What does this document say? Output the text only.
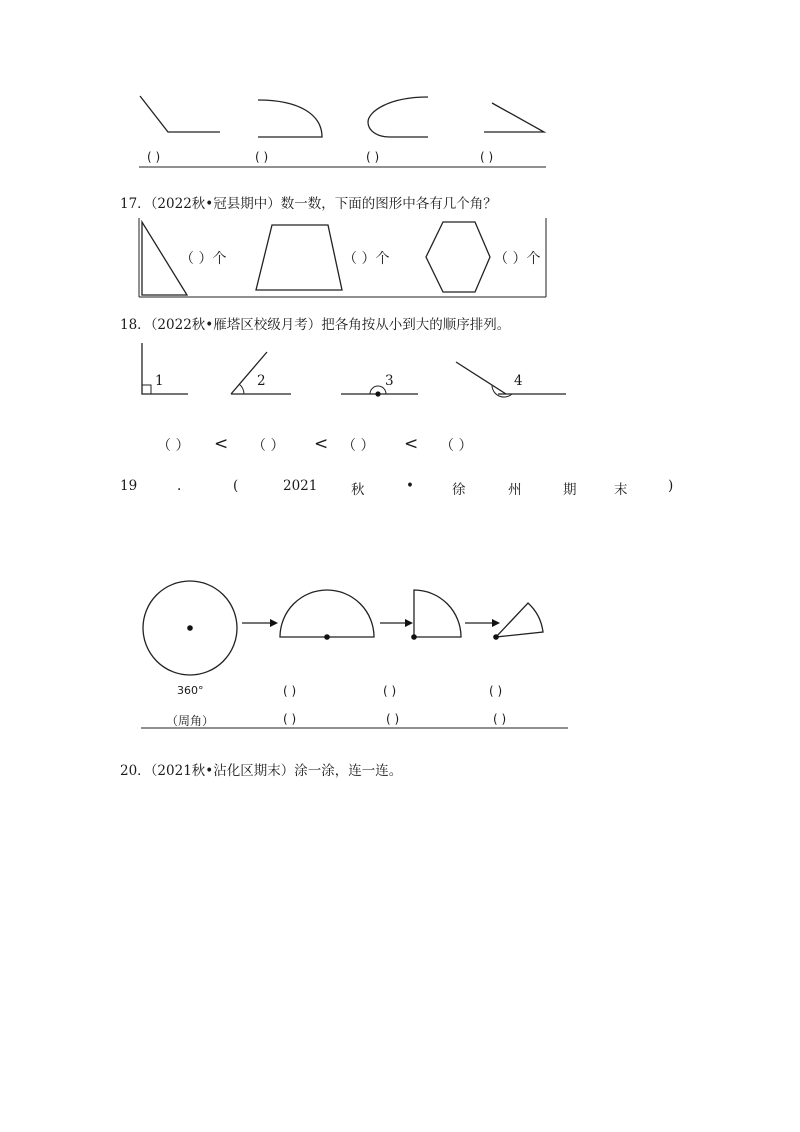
( )	( )	( )	( )
17．（2022秋•冠县期中）数一数，下面的图形中各有几个角？
（ ）个	（ ）个	（ ）个
18．（2022秋•雁塔区校级月考）把各角按从小到大的顺序排列。
1	2	3	4
（ ） < （ ） < （ ） < （ ）
19	.	(	2021 秋	•	徐	州	期	末	)
360°	( )	( )	( )
（周角）	( )	( )	( )
20．（2021秋•沾化区期末）涂一涂，连一连。
